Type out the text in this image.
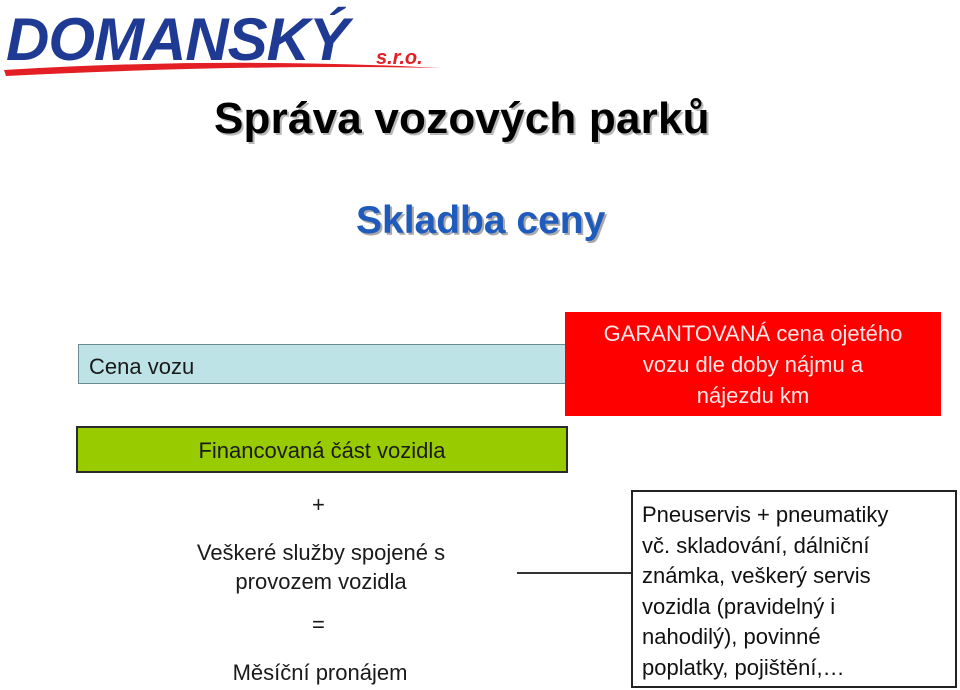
DOMANSKÝ s.r.o.
Správa vozových parků
Skladba ceny
Cena vozu
GARANTOVANÁ cena ojetého
vozu dle doby nájmu a
nájezdu km
Financovaná část vozidla
+
Veškeré služby spojené s
provozem vozidla
=
Měsíční pronájem
Pneuservis + pneumatiky
vč. skladování, dálniční
známka, veškerý servis
vozidla (pravidelný i
nahodilý), povinné
poplatky, pojištění,…
